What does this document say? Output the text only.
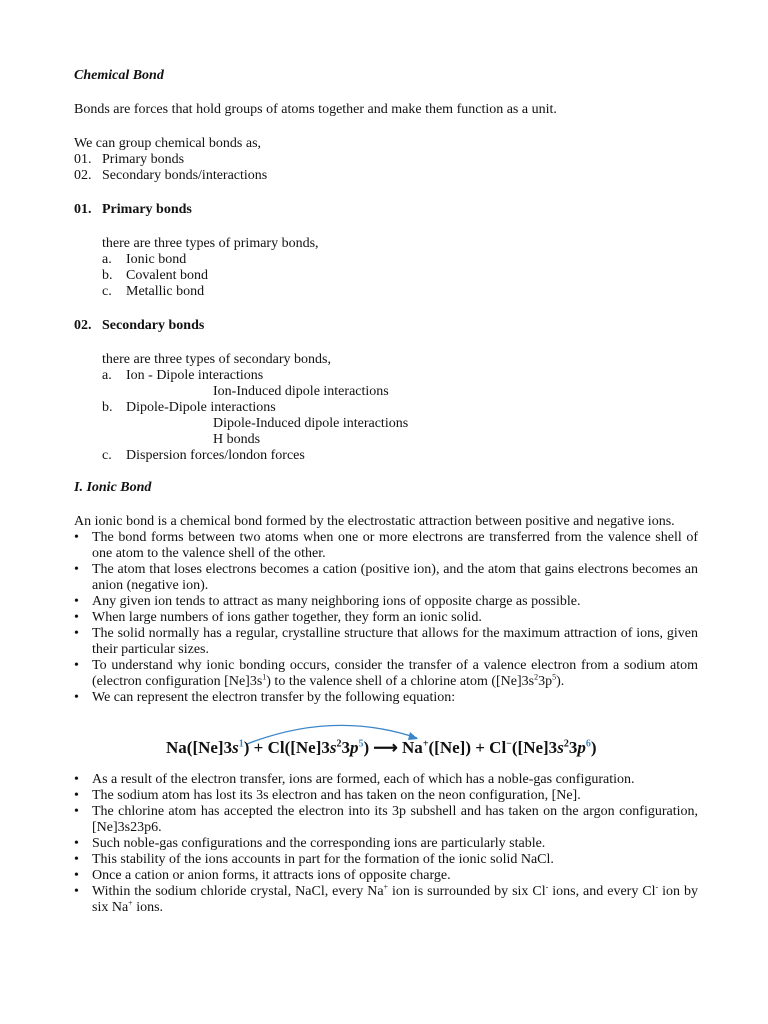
Chemical Bond

Bonds are forces that hold groups of atoms together and make them function as a unit.

We can group chemical bonds as,

01. Primary bonds
02. Secondary bonds/interactions
01. Primary bonds

there are three types of primary bonds,

a.	Ionic bond
b. Covalent bond
c.	Metallic bond
02. Secondary bonds

there are three types of secondary bonds,

a.	Ion - Dipole interactions

Ion-Induced dipole interactions

b. Dipole-Dipole interactions

Dipole-Induced dipole interactions

H bonds

c.	Dispersion forces/london forces

I. Ionic Bond

An ionic bond is a chemical bond formed by the electrostatic attraction between positive and negative ions.

• The bond forms between two atoms when one or more electrons are transferred from the valence shell of one atom to the valence shell of the other.
• The atom that loses electrons becomes a cation (positive ion), and the atom that gains electrons becomes an anion (negative ion).
• Any given ion tends to attract as many neighboring ions of opposite charge as possible.
• When large numbers of ions gather together, they form an ionic solid.
• The solid normally has a regular, crystalline structure that allows for the maximum attraction of ions, given their particular sizes.
• To understand why ionic bonding occurs, consider the transfer of a valence electron from a sodium atom (electron configuration $[Ne]3s^1$) to the valence shell of a chlorine atom $([Ne]3s^23p^5)$.
• We can represent the electron transfer by the following equation:
$Na([Ne]3s^1) + Cl([Ne]3s^23p^5)$ ⟶ $Na^+([Ne]) + Cl^-([Ne]3s^23p^6)$
• As a result of the electron transfer, ions are formed, each of which has a noble-gas configuration.
• The sodium atom has lost its 3s electron and has taken on the neon configuration, [Ne].
• The chlorine atom has accepted the electron into its 3p subshell and has taken on the argon configuration, [Ne]3s23p6.
• Such noble-gas configurations and the corresponding ions are particularly stable.
• This stability of the ions accounts in part for the formation of the ionic solid NaCl.
• Once a cation or anion forms, it attracts ions of opposite charge.
• Within the sodium chloride crystal, NaCl, every Na+ ion is surrounded by six Cl- ions, and every Cl- ion by six Na+ ions.
